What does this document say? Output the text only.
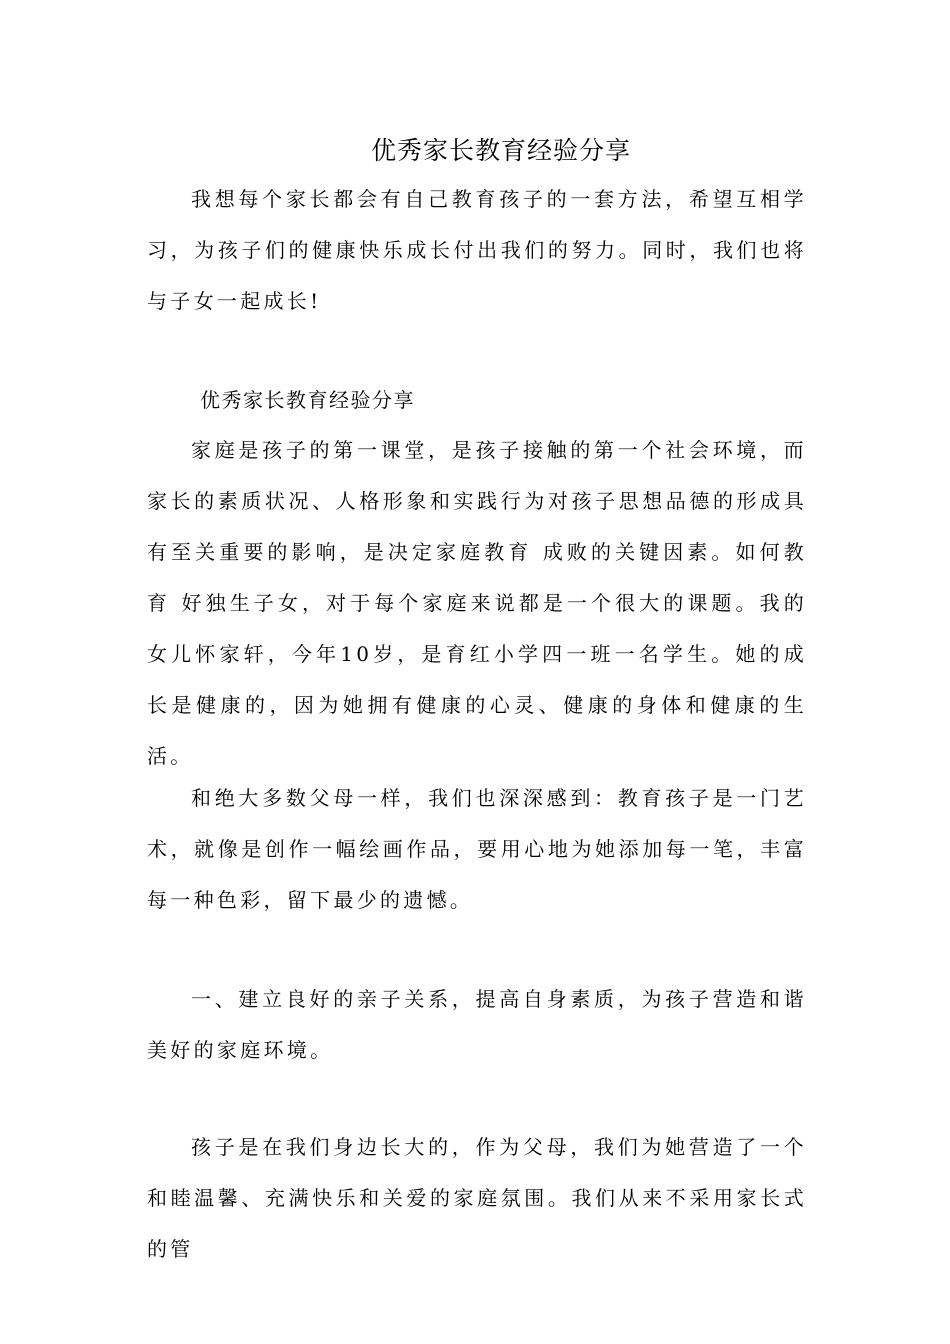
优秀家长教育经验分享

我想每个家长都会有自己教育孩子的一套方法，希望互相学习，为孩子们的健康快乐成长付出我们的努力。同时，我们也将与子女一起成长!

优秀家长教育经验分享

家庭是孩子的第一课堂，是孩子接触的第一个社会环境，而家长的素质状况、人格形象和实践行为对孩子思想品德的形成具有至关重要的影响，是决定家庭教育 成败的关键因素。如何教育 好独生子女，对于每个家庭来说都是一个很大的课题。我的女儿怀家轩，今年10岁，是育红小学四一班一名学生。她的成长是健康的，因为她拥有健康的心灵、健康的身体和健康的生活。

和绝大多数父母一样，我们也深深感到：教育孩子是一门艺术，就像是创作一幅绘画作品，要用心地为她添加每一笔，丰富每一种色彩，留下最少的遗憾。

一、建立良好的亲子关系，提高自身素质，为孩子营造和谐美好的家庭环境。

孩子是在我们身边长大的，作为父母，我们为她营造了一个和睦温馨、充满快乐和关爱的家庭氛围。我们从来不采用家长式的管
